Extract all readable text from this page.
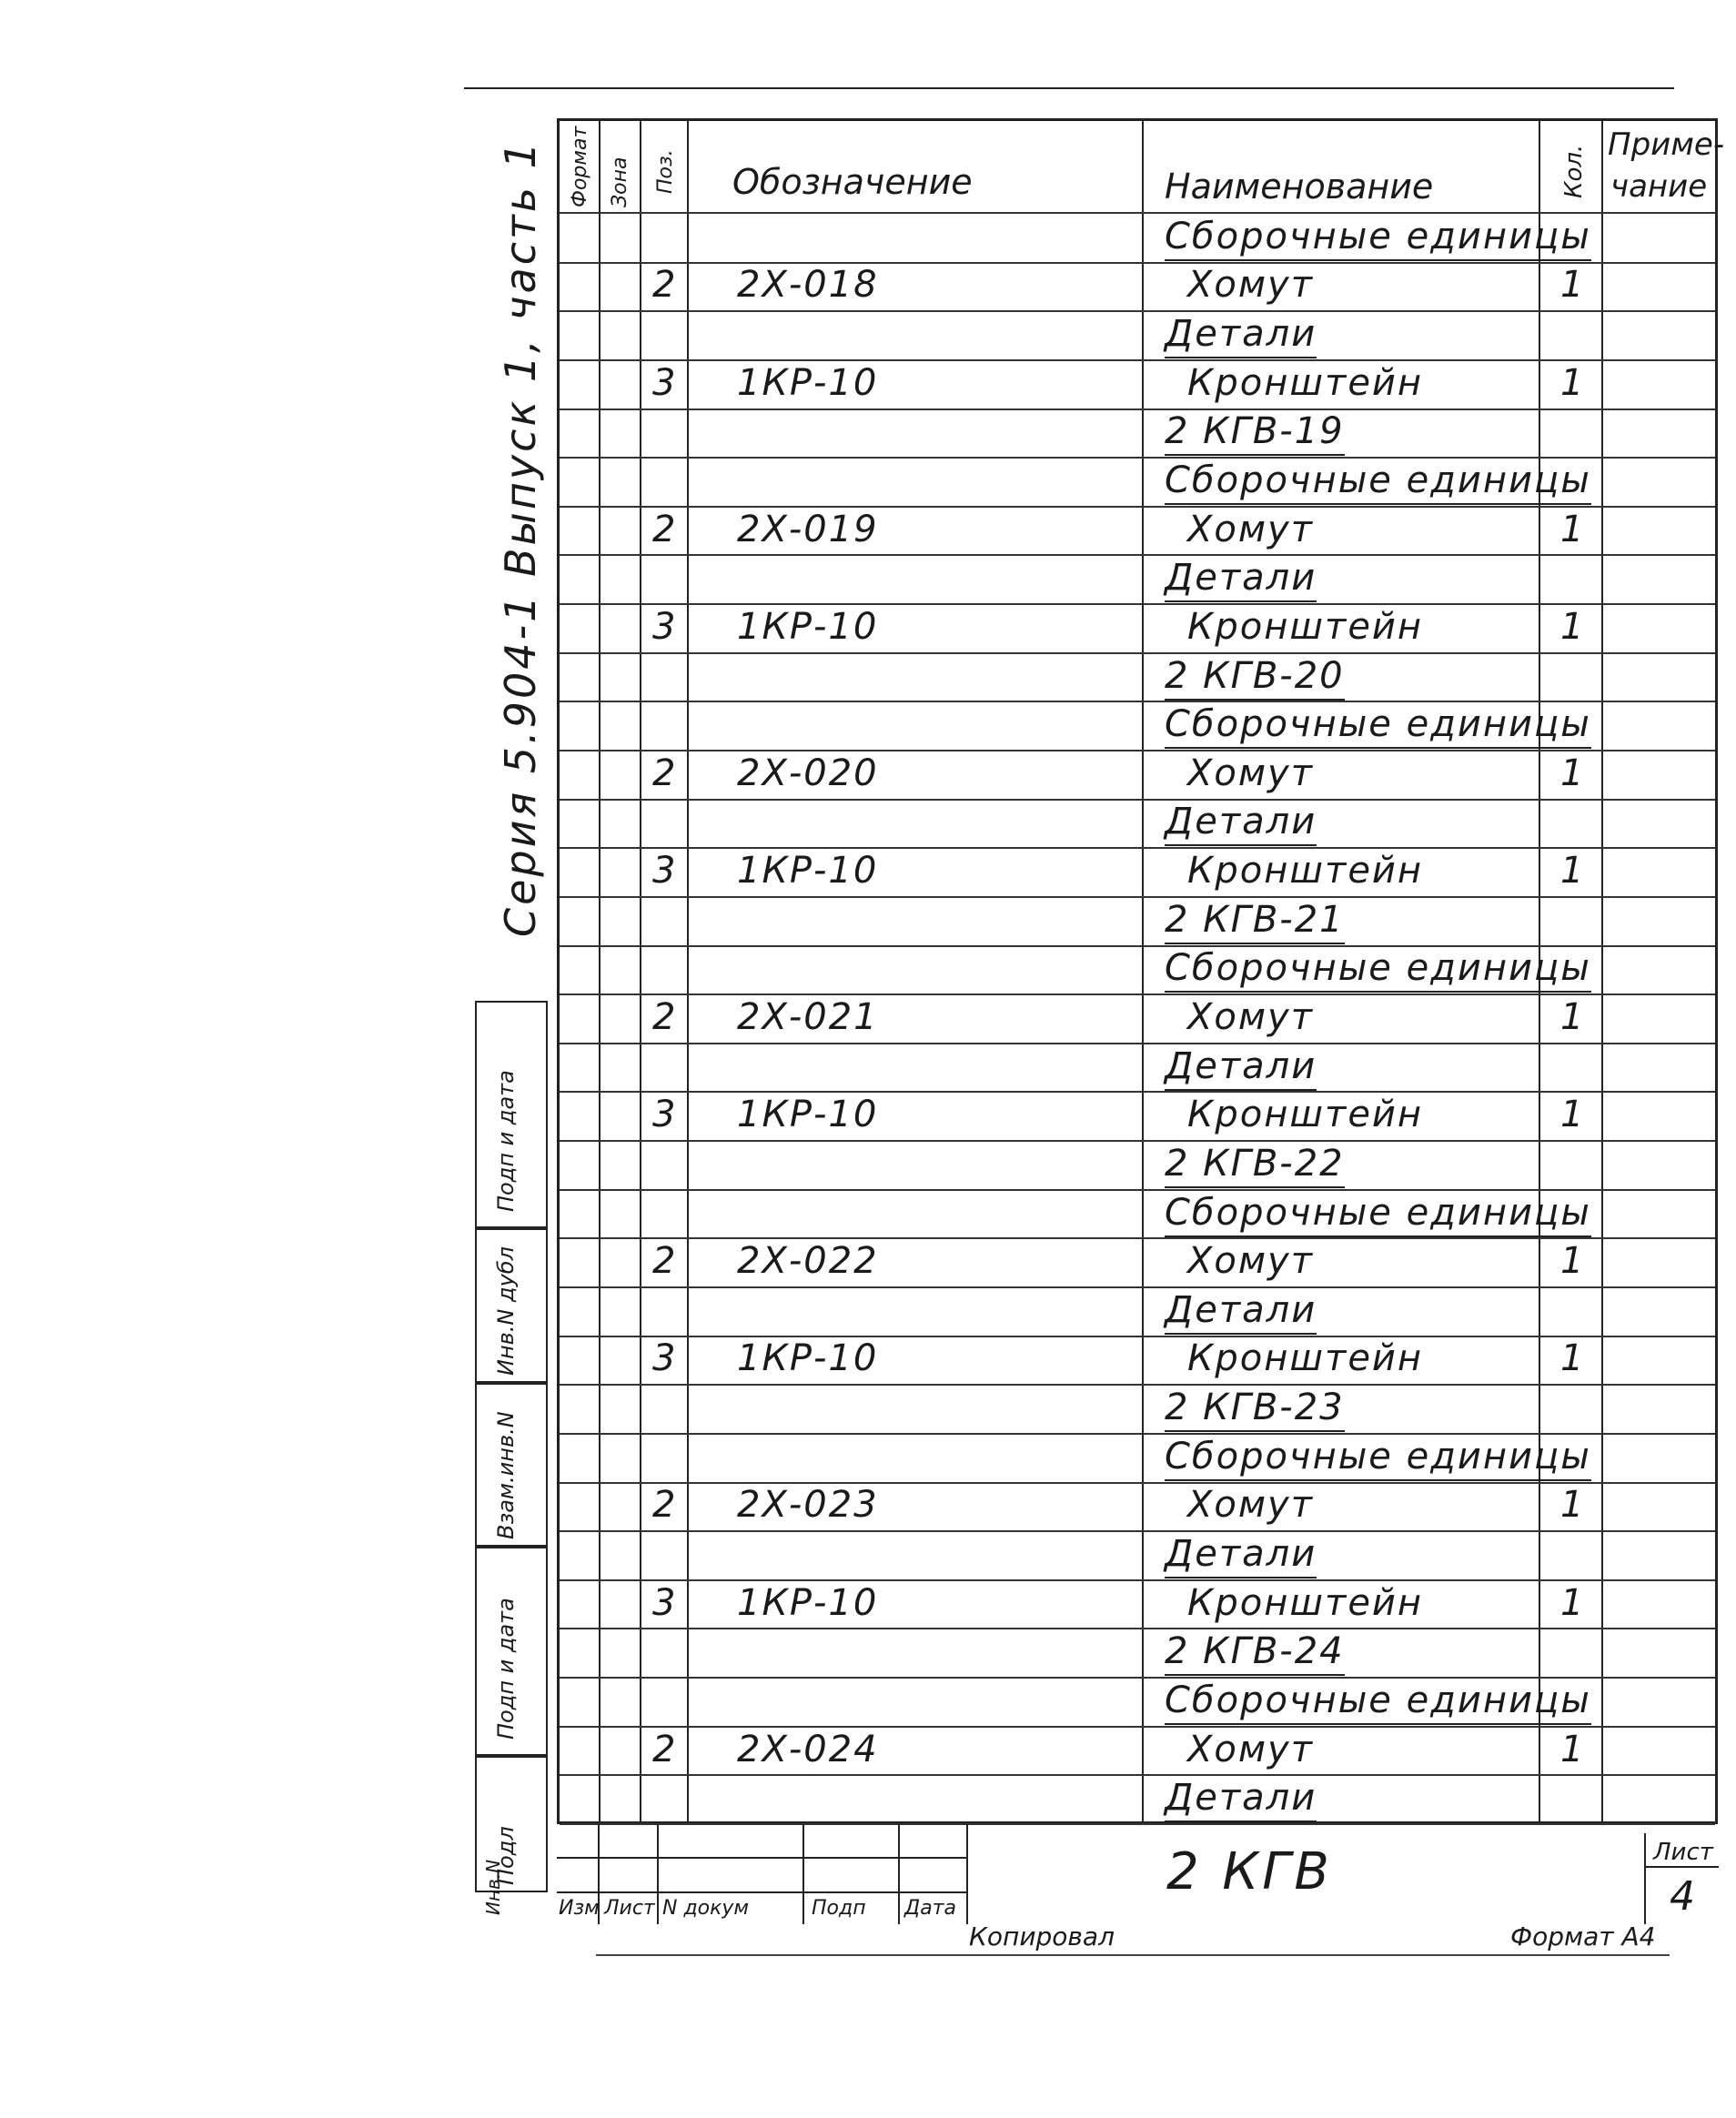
Серия 5.904-1 Выпуск 1, часть 1
Подп и дата
Инв.N дубл
Взам.инв.N
Подп и дата
Подл
Формат Зона Поз. Обозначение	Наименование	Кол. Приме-
чание
Сборочные единицы
2 2Х-018	Хомут	1
Детали
3 1КР-10	Кронштейн	1
2 КГВ-19
Сборочные единицы
2 2Х-019	Хомут	1
Детали
3 1КР-10	Кронштейн	1
2 КГВ-20
Сборочные единицы
2 2Х-020	Хомут	1
Детали
3 1КР-10	Кронштейн	1
2 КГВ-21
Сборочные единицы
2 2Х-021	Хомут	1
Детали
3 1КР-10	Кронштейн	1
2 КГВ-22
Сборочные единицы
2 2Х-022	Хомут	1
Детали
3 1КР-10	Кронштейн	1
2 КГВ-23
Сборочные единицы
2 2Х-023	Хомут	1
Детали
3 1КР-10	Кронштейн	1
2 КГВ-24
Сборочные единицы
2 2Х-024	Хомут	1
Детали
Изм Лист N докум	Подп Дата
2 КГВ	Лист
4
Инв.N
Копировал	Формат А4
